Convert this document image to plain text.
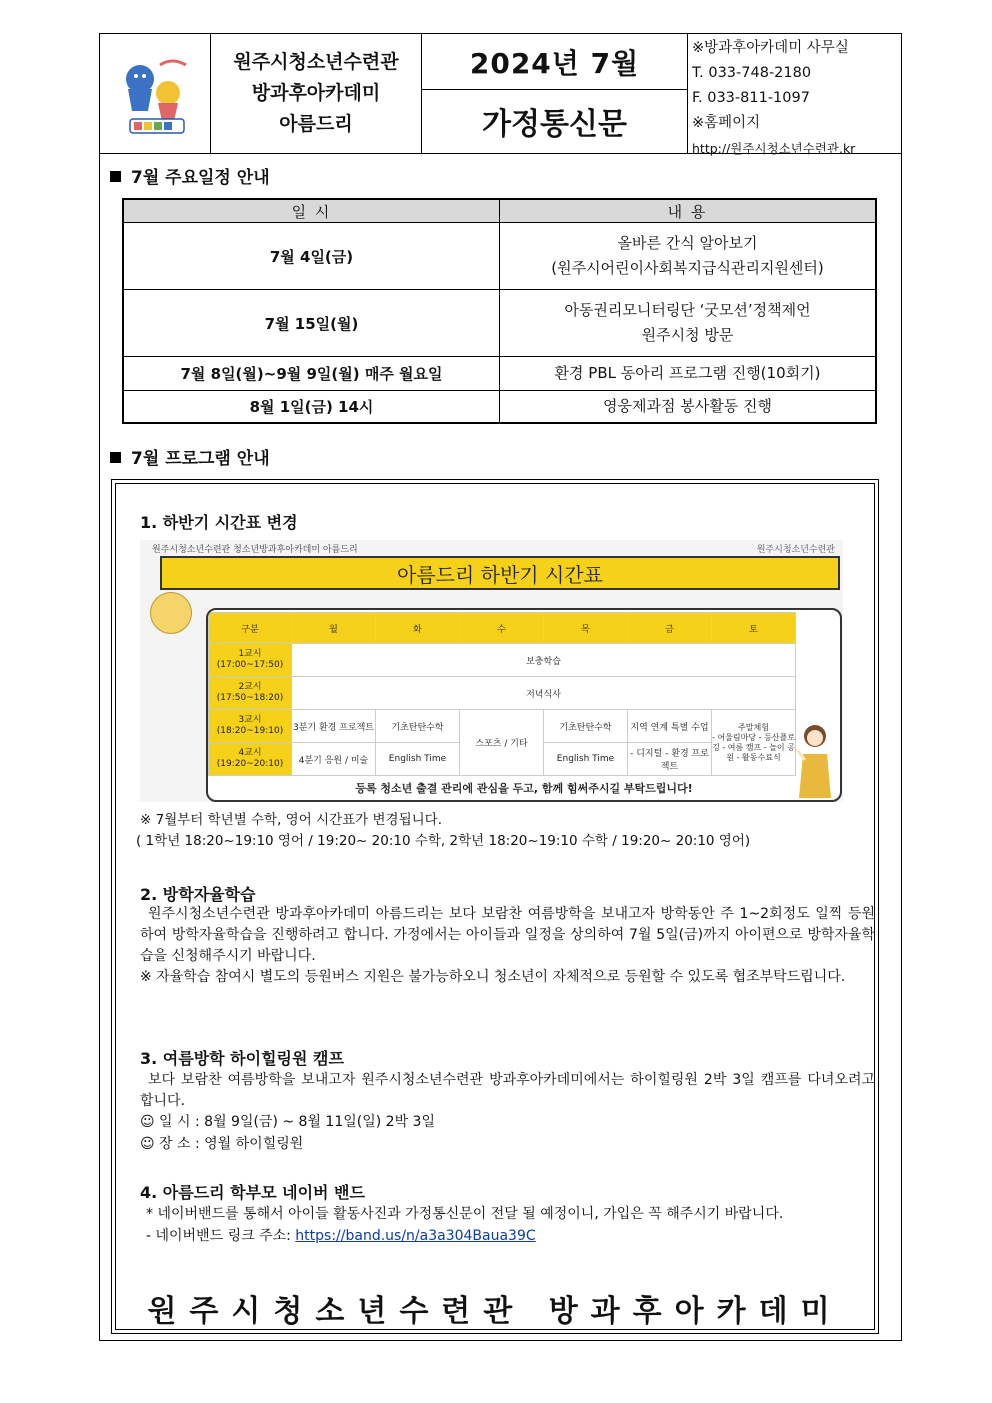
원주시청소년수련관
방과후아카데미
아름드리
2024년 7월
가정통신문
※방과후아카데미 사무실
T. 033-748-2180
F. 033-811-1097
※홈페이지
http://원주시청소년수련관.kr
7월 주요일정 안내
일 시	내 용
7월 4일(금)	올바른 간식 알아보기
(원주시어린이사회복지급식관리지원센터)

7월 15일(월)	아동권리모니터링단 ‘굿모션’정책제언
원주시청 방문

7월 8일(월)~9월 9일(월) 매주 월요일	환경 PBL 동아리 프로그램 진행(10회기)
8월 1일(금) 14시	영웅제과점 봉사활동 진행
7월 프로그램 안내
1. 하반기 시간표 변경
원주시청소년수련관 청소년방과후아카데미 아름드리	원주시청소년수련관
아름드리 하반기 시간표
구분	월	화	수	목	금	토
1교시 (17:00~17:50)	보충학습					
2교시 (17:50~18:20)	저녁식사					
3교시 (18:20~19:10)	3분기 환경 프로젝트	기초탄탄수학	스포츠 / 기타	기초탄탄수학	지역 연계 특별 수업	주말체험
- 어울림마당 - 등산플로깅 - 여름 캠프 - 놀이 공원 - 활동수료식

4교시 (19:20~20:10)	4분기 응원 / 미술	English Time		English Time	- 디지털 - 환경 프로젝트	
등록 청소년 출결 관리에 관심을 두고, 함께 힘써주시길 부탁드립니다!
※ 7월부터 학년별 수학, 영어 시간표가 변경됩니다.
( 1학년 18:20~19:10 영어 / 19:20~ 20:10 수학, 2학년 18:20~19:10 수학 / 19:20~ 20:10 영어)
2. 방학자율학습
원주시청소년수련관 방과후아카데미 아름드리는 보다 보람찬 여름방학을 보내고자 방학동안 주 1~2회정도 일찍 등원하여 방학자율학습을 진행하려고 합니다. 가정에서는 아이들과 일정을 상의하여 7월 5일(금)까지 아이편으로 방학자율학습을 신청해주시기 바랍니다.
※ 자율학습 참여시 별도의 등원버스 지원은 불가능하오니 청소년이 자체적으로 등원할 수 있도록 협조부탁드립니다.
3. 여름방학 하이힐링원 캠프
보다 보람찬 여름방학을 보내고자 원주시청소년수련관 방과후아카데미에서는 하이힐링원 2박 3일 캠프를 다녀오려고 합니다.
☺ 일 시 : 8월 9일(금) ~ 8월 11일(일) 2박 3일
☺ 장 소 : 영월 하이힐링원
4. 아름드리 학부모 네이버 밴드
* 네이버밴드를 통해서 아이들 활동사진과 가정통신문이 전달 될 예정이니, 가입은 꼭 해주시기 바랍니다.
- 네이버밴드 링크 주소: https://band.us/n/a3a304Baua39C
원주시청소년수련관 방과후아카데미
